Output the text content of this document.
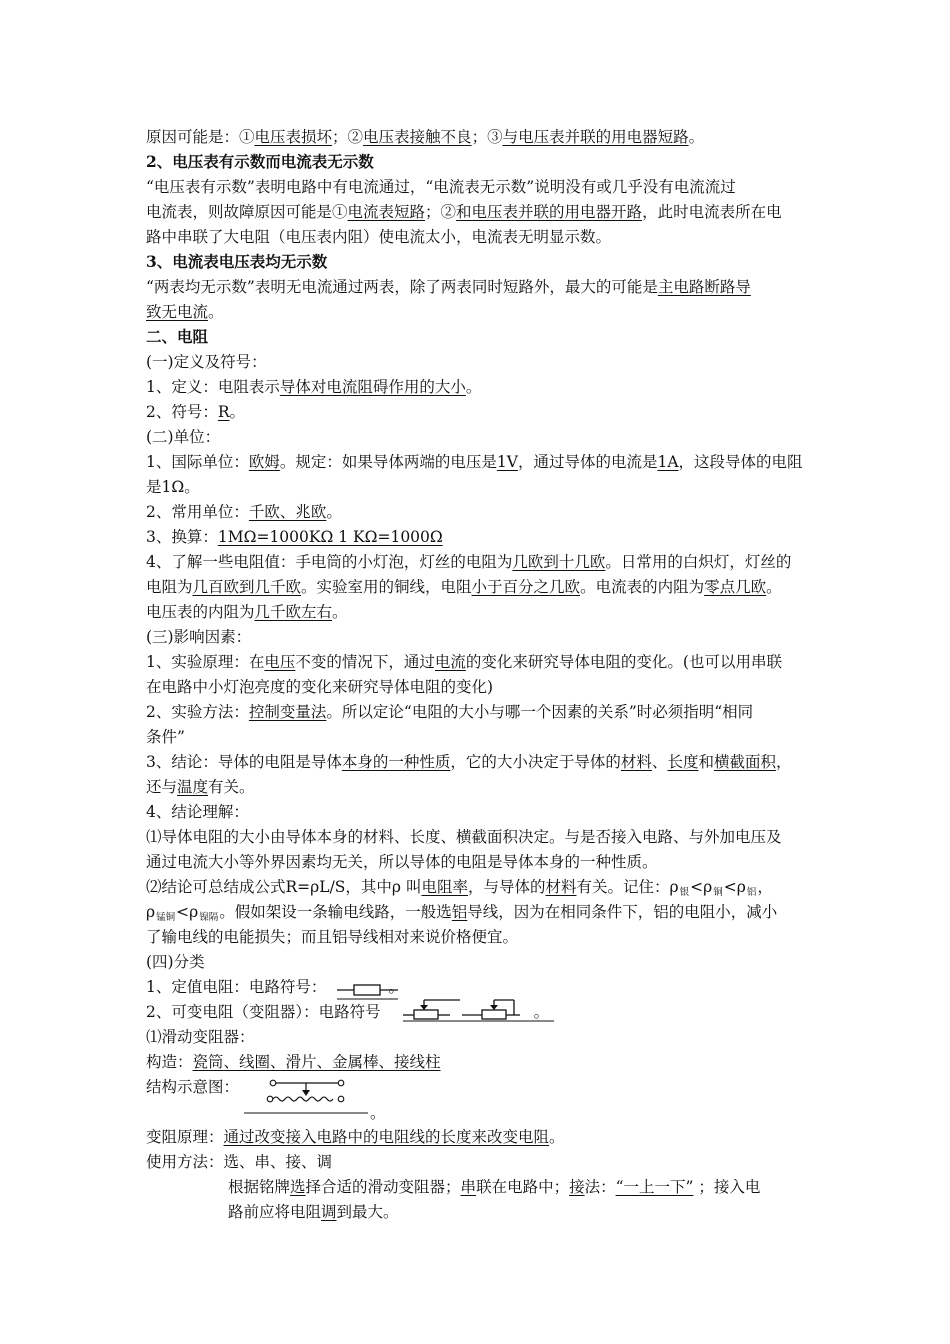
原因可能是：①电压表损坏；②电压表接触不良；③与电压表并联的用电器短路。
2、电压表有示数而电流表无示数
“电压表有示数”表明电路中有电流通过，“电流表无示数”说明没有或几乎没有电流流过
电流表，则故障原因可能是①电流表短路；②和电压表并联的用电器开路，此时电流表所在电
路中串联了大电阻（电压表内阻）使电流太小，电流表无明显示数。
3、电流表电压表均无示数
“两表均无示数”表明无电流通过两表，除了两表同时短路外，最大的可能是主电路断路导
致无电流。
二、电阻
(一)定义及符号：
1、定义：电阻表示导体对电流阻碍作用的大小。
2、符号：R。
(二)单位：
1、国际单位：欧姆。规定：如果导体两端的电压是1V，通过导体的电流是1A，这段导体的电阻
是1Ω。
2、常用单位：千欧、兆欧。
3、换算：1MΩ=1000KΩ 1 KΩ=1000Ω
4、了解一些电阻值：手电筒的小灯泡，灯丝的电阻为几欧到十几欧。日常用的白炽灯，灯丝的
电阻为几百欧到几千欧。实验室用的铜线，电阻小于百分之几欧。电流表的内阻为零点几欧。
电压表的内阻为几千欧左右。
(三)影响因素：
1、实验原理：在电压不变的情况下，通过电流的变化来研究导体电阻的变化。(也可以用串联
在电路中小灯泡亮度的变化来研究导体电阻的变化)
2、实验方法：控制变量法。所以定论“电阻的大小与哪一个因素的关系”时必须指明“相同
条件”
3、结论：导体的电阻是导体本身的一种性质，它的大小决定于导体的材料、长度和横截面积，
还与温度有关。
4、结论理解：
⑴导体电阻的大小由导体本身的材料、长度、横截面积决定。与是否接入电路、与外加电压及
通过电流大小等外界因素均无关，所以导体的电阻是导体本身的一种性质。
⑵结论可总结成公式R=ρL/S，其中ρ 叫电阻率，与导体的材料有关。记住：$\rho_银<\rho_铜<\rho_铝$，
$\rho_{锰铜}<\rho_{镍隔}$。假如架设一条输电线路，一般选铝导线，因为在相同条件下，铝的电阻小，减小
了输电线的电能损失；而且铝导线相对来说价格便宜。
(四)分类
1、定值电阻：电路符号：	。
2、可变电阻（变阻器）：电路符号	。
⑴滑动变阻器：
构造：瓷筒、线圈、滑片、金属棒、接线柱
结构示意图：
。
变阻原理：通过改变接入电路中的电阻线的长度来改变电阻。
使用方法：选、串、接、调
根据铭牌选择合适的滑动变阻器；串联在电路中；接法：“一上一下” ；接入电
路前应将电阻调到最大。
